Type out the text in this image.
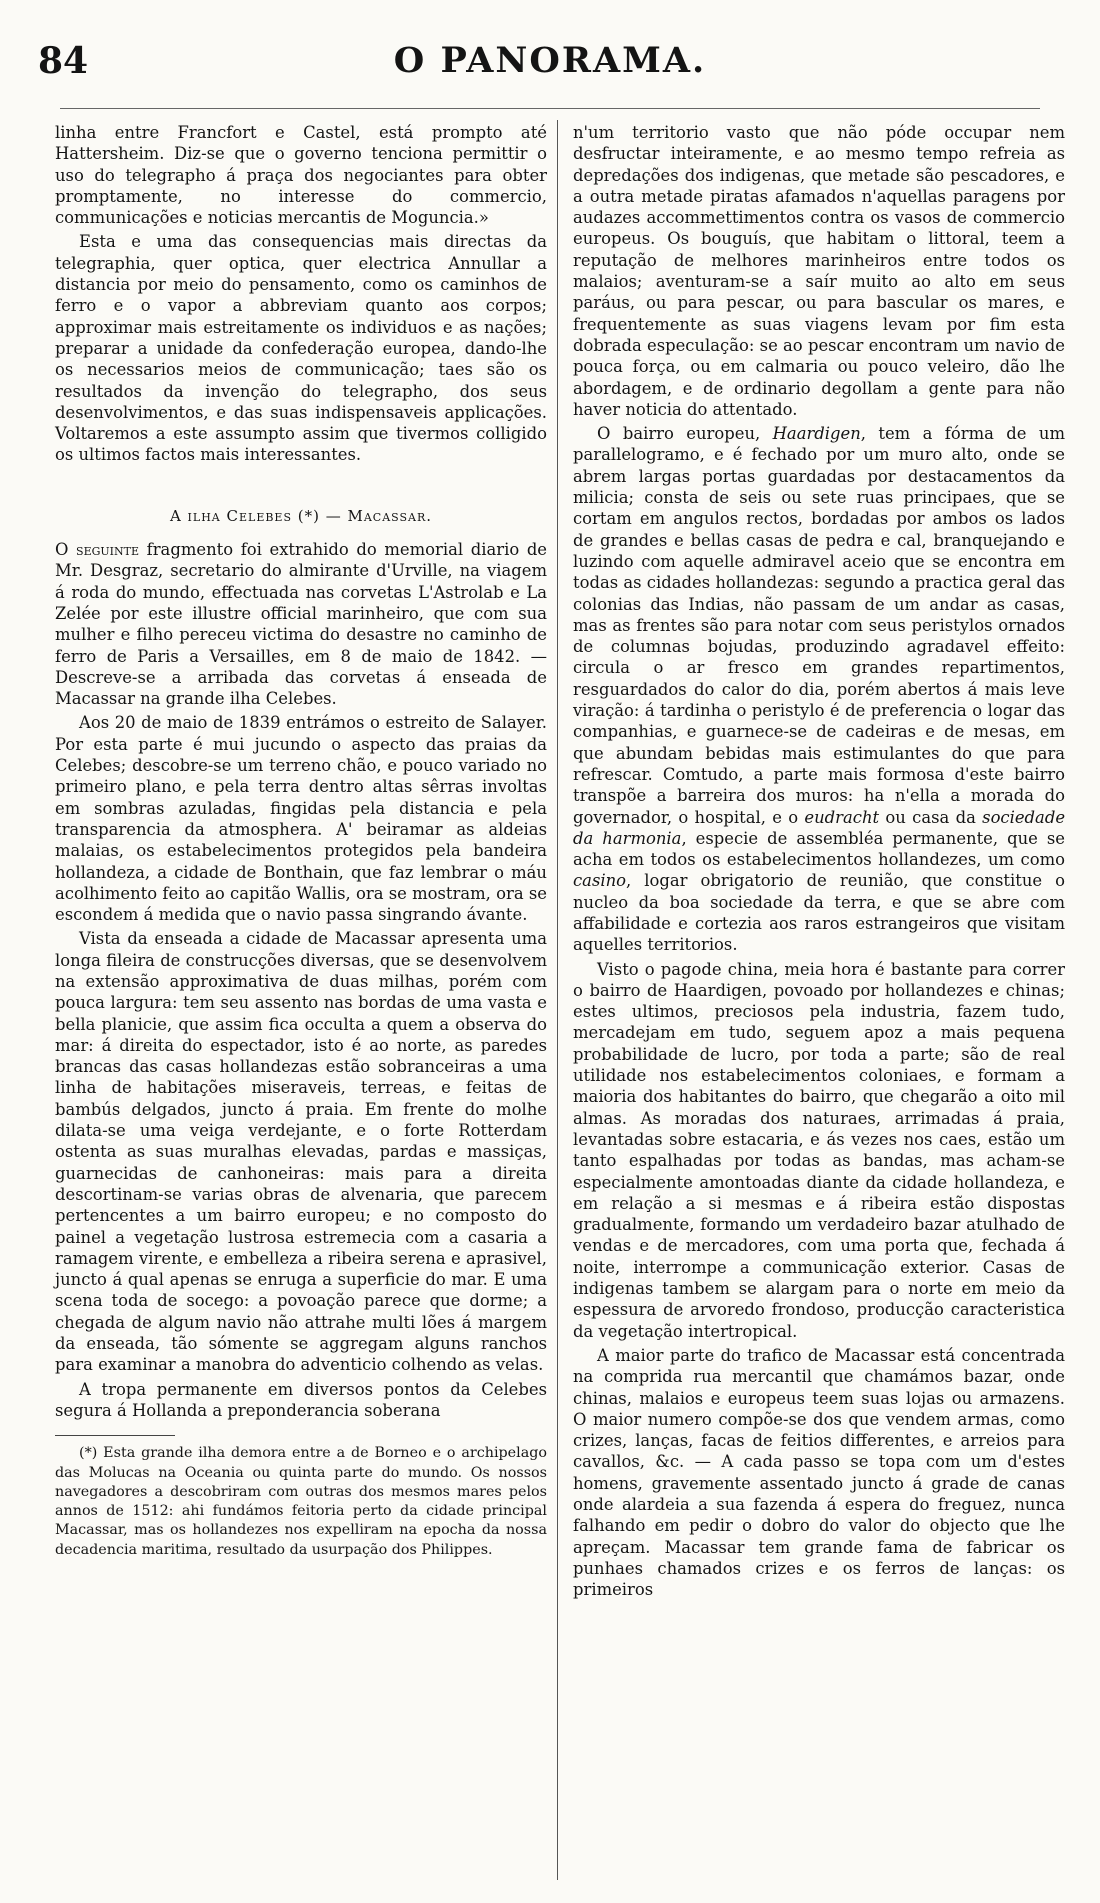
84	O PANORAMA.

linha entre Francfort e Castel, está prompto até Hattersheim. Diz-se que o governo tenciona permittir o uso do telegrapho á praça dos negociantes para obter promptamente, no interesse do commercio, communicações e noticias mercantis de Moguncia.»

Esta e uma das consequencias mais directas da telegraphia, quer optica, quer electrica Annullar a distancia por meio do pensamento, como os caminhos de ferro e o vapor a abbreviam quanto aos corpos; approximar mais estreitamente os individuos e as nações; preparar a unidade da confederação europea, dando-lhe os necessarios meios de communicação; taes são os resultados da invenção do telegrapho, dos seus desenvolvimentos, e das suas indispensaveis applicações. Voltaremos a este assumpto assim que tivermos colligido os ultimos factos mais interessantes.

A ilha Celebes (*) — Macassar.

O seguinte fragmento foi extrahido do memorial diario de Mr. Desgraz, secretario do almirante d'Urville, na viagem á roda do mundo, effectuada nas corvetas L'Astrolab e La Zelée por este illustre official marinheiro, que com sua mulher e filho pereceu victima do desastre no caminho de ferro de Paris a Versailles, em 8 de maio de 1842. — Descreve-se a arribada das corvetas á enseada de Macassar na grande ilha Celebes.

Aos 20 de maio de 1839 entrámos o estreito de Salayer. Por esta parte é mui jucundo o aspecto das praias da Celebes; descobre-se um terreno chão, e pouco variado no primeiro plano, e pela terra dentro altas sêrras involtas em sombras azuladas, fingidas pela distancia e pela transparencia da atmosphera. A' beiramar as aldeias malaias, os estabelecimentos protegidos pela bandeira hollandeza, a cidade de Bonthain, que faz lembrar o máu acolhimento feito ao capitão Wallis, ora se mostram, ora se escondem á medida que o navio passa singrando ávante.

Vista da enseada a cidade de Macassar apresenta uma longa fileira de construcções diversas, que se desenvolvem na extensão approximativa de duas milhas, porém com pouca largura: tem seu assento nas bordas de uma vasta e bella planicie, que assim fica occulta a quem a observa do mar: á direita do espectador, isto é ao norte, as paredes brancas das casas hollandezas estão sobranceiras a uma linha de habitações miseraveis, terreas, e feitas de bambús delgados, juncto á praia. Em frente do molhe dilata-se uma veiga verdejante, e o forte Rotterdam ostenta as suas muralhas elevadas, pardas e massiças, guarnecidas de canhoneiras: mais para a direita descortinam-se varias obras de alvenaria, que parecem pertencentes a um bairro europeu; e no composto do painel a vegetação lustrosa estremecia com a casaria a ramagem virente, e embelleza a ribeira serena e aprasivel, juncto á qual apenas se enruga a superficie do mar. E uma scena toda de socego: a povoação parece que dorme; a chegada de algum navio não attrahe multi lões á margem da enseada, tão sómente se aggregam alguns ranchos para examinar a manobra do adventicio colhendo as velas.

A tropa permanente em diversos pontos da Celebes segura á Hollanda a preponderancia soberana

(*) Esta grande ilha demora entre a de Borneo e o archipelago das Molucas na Oceania ou quinta parte do mundo. Os nossos navegadores a descobriram com outras dos mesmos mares pelos annos de 1512: ahi fundámos feitoria perto da cidade principal Macassar, mas os hollandezes nos expelliram na epocha da nossa decadencia maritima, resultado da usurpação dos Philippes.

n'um territorio vasto que não póde occupar nem desfructar inteiramente, e ao mesmo tempo refreia as depredações dos indigenas, que metade são pescadores, e a outra metade piratas afamados n'aquellas paragens por audazes accommettimentos contra os vasos de commercio europeus. Os bouguís, que habitam o littoral, teem a reputação de melhores marinheiros entre todos os malaios; aventuram-se a saír muito ao alto em seus paráus, ou para pescar, ou para bascular os mares, e frequentemente as suas viagens levam por fim esta dobrada especulação: se ao pescar encontram um navio de pouca força, ou em calmaria ou pouco veleiro, dão lhe abordagem, e de ordinario degollam a gente para não haver noticia do attentado.

O bairro europeu, Haardigen, tem a fórma de um parallelogramo, e é fechado por um muro alto, onde se abrem largas portas guardadas por destacamentos da milicia; consta de seis ou sete ruas principaes, que se cortam em angulos rectos, bordadas por ambos os lados de grandes e bellas casas de pedra e cal, branquejando e luzindo com aquelle admiravel aceio que se encontra em todas as cidades hollandezas: segundo a practica geral das colonias das Indias, não passam de um andar as casas, mas as frentes são para notar com seus peristylos ornados de columnas bojudas, produzindo agradavel effeito: circula o ar fresco em grandes repartimentos, resguardados do calor do dia, porém abertos á mais leve viração: á tardinha o peristylo é de preferencia o logar das companhias, e guarnece-se de cadeiras e de mesas, em que abundam bebidas mais estimulantes do que para refrescar. Comtudo, a parte mais formosa d'este bairro transpõe a barreira dos muros: ha n'ella a morada do governador, o hospital, e o eudracht ou casa da sociedade da harmonia, especie de assembléa permanente, que se acha em todos os estabelecimentos hollandezes, um como casino, logar obrigatorio de reunião, que constitue o nucleo da boa sociedade da terra, e que se abre com affabilidade e cortezia aos raros estrangeiros que visitam aquelles territorios.

Visto o pagode china, meia hora é bastante para correr o bairro de Haardigen, povoado por hollandezes e chinas; estes ultimos, preciosos pela industria, fazem tudo, mercadejam em tudo, seguem apoz a mais pequena probabilidade de lucro, por toda a parte; são de real utilidade nos estabelecimentos coloniaes, e formam a maioria dos habitantes do bairro, que chegarão a oito mil almas. As moradas dos naturaes, arrimadas á praia, levantadas sobre estacaria, e ás vezes nos caes, estão um tanto espalhadas por todas as bandas, mas acham-se especialmente amontoadas diante da cidade hollandeza, e em relação a si mesmas e á ribeira estão dispostas gradualmente, formando um verdadeiro bazar atulhado de vendas e de mercadores, com uma porta que, fechada á noite, interrompe a communicação exterior. Casas de indigenas tambem se alargam para o norte em meio da espessura de arvoredo frondoso, producção caracteristica da vegetação intertropical.

A maior parte do trafico de Macassar está concentrada na comprida rua mercantil que chamámos bazar, onde chinas, malaios e europeus teem suas lojas ou armazens. O maior numero compõe-se dos que vendem armas, como crizes, lanças, facas de feitios differentes, e arreios para cavallos, &c. — A cada passo se topa com um d'estes homens, gravemente assentado juncto á grade de canas onde alardeia a sua fazenda á espera do freguez, nunca falhando em pedir o dobro do valor do objecto que lhe apreçam. Macassar tem grande fama de fabricar os punhaes chamados crizes e os ferros de lanças: os primeiros
